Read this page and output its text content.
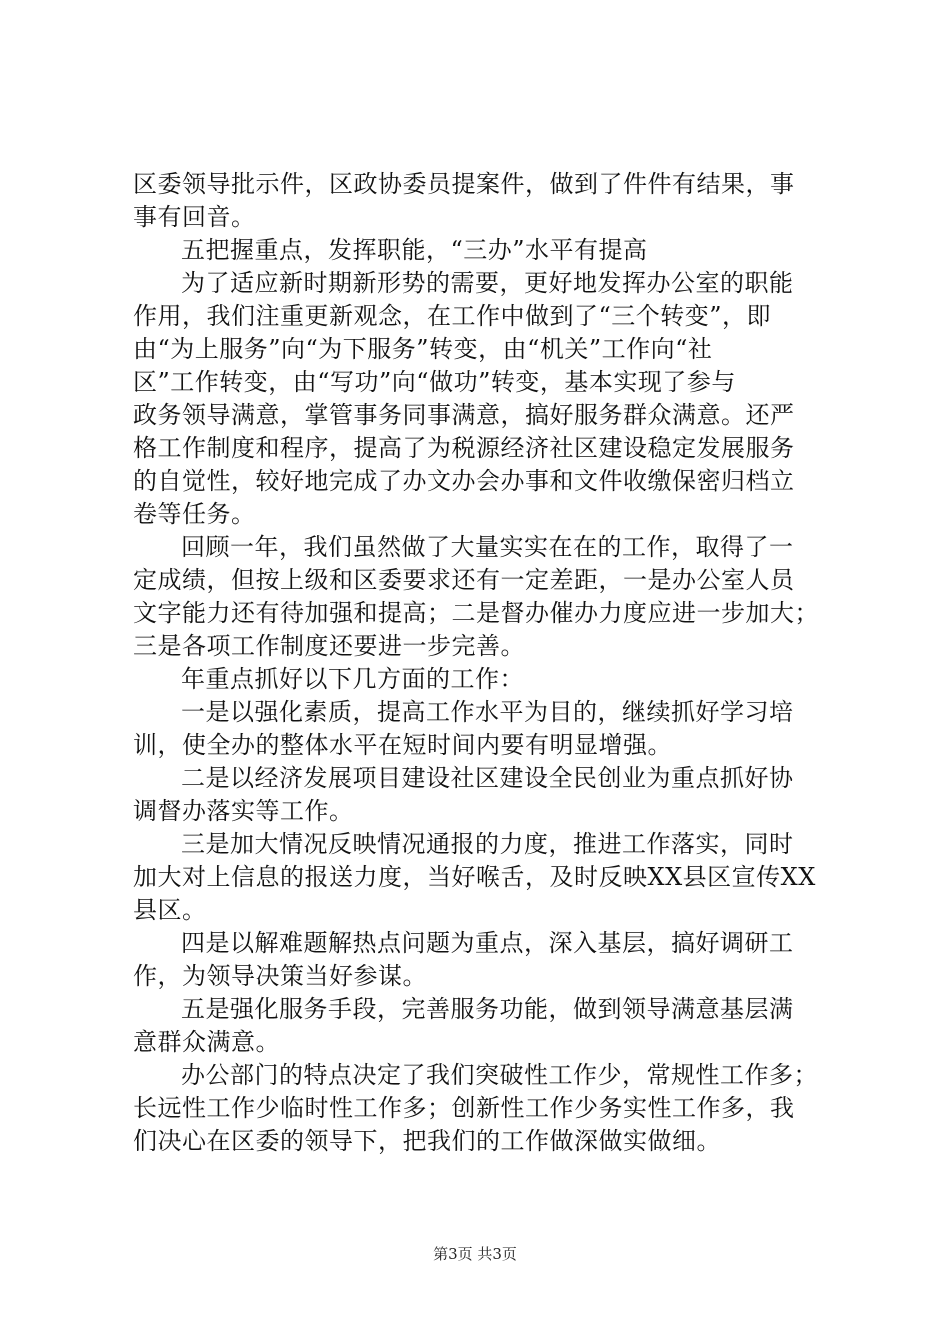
区委领导批示件，区政协委员提案件，做到了件件有结果，事
事有回音。
五把握重点，发挥职能，“三办”水平有提高
为了适应新时期新形势的需要，更好地发挥办公室的职能
作用，我们注重更新观念，在工作中做到了“三个转变”，即
由“为上服务”向“为下服务”转变，由“机关”工作向“社
区”工作转变，由“写功”向“做功”转变，基本实现了参与
政务领导满意，掌管事务同事满意，搞好服务群众满意。还严
格工作制度和程序，提高了为税源经济社区建设稳定发展服务
的自觉性，较好地完成了办文办会办事和文件收缴保密归档立
卷等任务。
回顾一年，我们虽然做了大量实实在在的工作，取得了一
定成绩，但按上级和区委要求还有一定差距，一是办公室人员
文字能力还有待加强和提高；二是督办催办力度应进一步加大；
三是各项工作制度还要进一步完善。
年重点抓好以下几方面的工作：
一是以强化素质，提高工作水平为目的，继续抓好学习培
训，使全办的整体水平在短时间内要有明显增强。
二是以经济发展项目建设社区建设全民创业为重点抓好协
调督办落实等工作。
三是加大情况反映情况通报的力度，推进工作落实，同时
加大对上信息的报送力度，当好喉舌，及时反映XX县区宣传XX
县区。
四是以解难题解热点问题为重点，深入基层，搞好调研工
作，为领导决策当好参谋。
五是强化服务手段，完善服务功能，做到领导满意基层满
意群众满意。
办公部门的特点决定了我们突破性工作少，常规性工作多；
长远性工作少临时性工作多；创新性工作少务实性工作多，我
们决心在区委的领导下，把我们的工作做深做实做细。
第3页 共3页
